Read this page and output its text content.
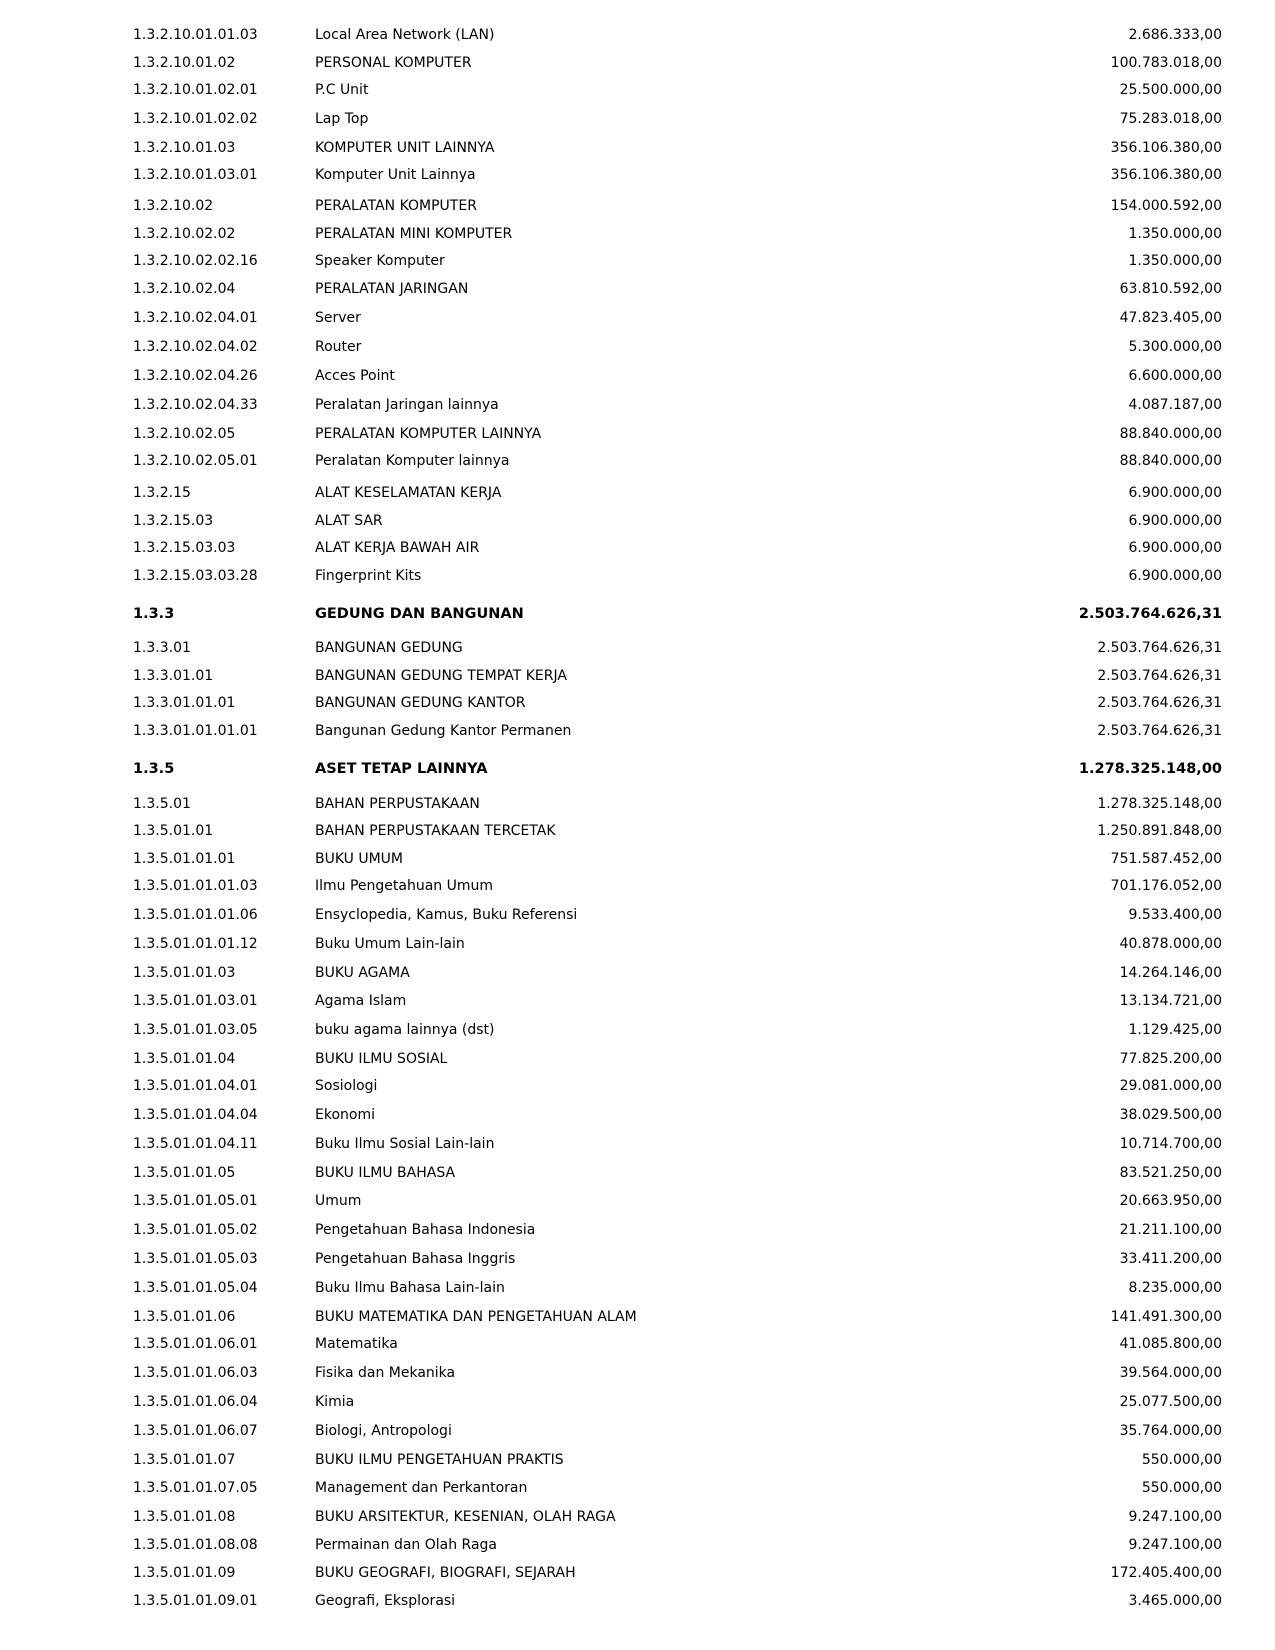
1.3.2.10.01.01.03	Local Area Network (LAN)	2.686.333,00
1.3.2.10.01.02	PERSONAL KOMPUTER	100.783.018,00
1.3.2.10.01.02.01	P.C Unit	25.500.000,00
1.3.2.10.01.02.02	Lap Top	75.283.018,00
1.3.2.10.01.03	KOMPUTER UNIT LAINNYA	356.106.380,00
1.3.2.10.01.03.01	Komputer Unit Lainnya	356.106.380,00
1.3.2.10.02	PERALATAN KOMPUTER	154.000.592,00
1.3.2.10.02.02	PERALATAN MINI KOMPUTER	1.350.000,00
1.3.2.10.02.02.16	Speaker Komputer	1.350.000,00
1.3.2.10.02.04	PERALATAN JARINGAN	63.810.592,00
1.3.2.10.02.04.01	Server	47.823.405,00
1.3.2.10.02.04.02	Router	5.300.000,00
1.3.2.10.02.04.26	Acces Point	6.600.000,00
1.3.2.10.02.04.33	Peralatan Jaringan lainnya	4.087.187,00
1.3.2.10.02.05	PERALATAN KOMPUTER LAINNYA	88.840.000,00
1.3.2.10.02.05.01	Peralatan Komputer lainnya	88.840.000,00
1.3.2.15	ALAT KESELAMATAN KERJA	6.900.000,00
1.3.2.15.03	ALAT SAR	6.900.000,00
1.3.2.15.03.03	ALAT KERJA BAWAH AIR	6.900.000,00
1.3.2.15.03.03.28	Fingerprint Kits	6.900.000,00
1.3.3	GEDUNG DAN BANGUNAN	2.503.764.626,31
1.3.3.01	BANGUNAN GEDUNG	2.503.764.626,31
1.3.3.01.01	BANGUNAN GEDUNG TEMPAT KERJA	2.503.764.626,31
1.3.3.01.01.01	BANGUNAN GEDUNG KANTOR	2.503.764.626,31
1.3.3.01.01.01.01	Bangunan Gedung Kantor Permanen	2.503.764.626,31
1.3.5	ASET TETAP LAINNYA	1.278.325.148,00
1.3.5.01	BAHAN PERPUSTAKAAN	1.278.325.148,00
1.3.5.01.01	BAHAN PERPUSTAKAAN TERCETAK	1.250.891.848,00
1.3.5.01.01.01	BUKU UMUM	751.587.452,00
1.3.5.01.01.01.03	Ilmu Pengetahuan Umum	701.176.052,00
1.3.5.01.01.01.06	Ensyclopedia, Kamus, Buku Referensi	9.533.400,00
1.3.5.01.01.01.12	Buku Umum Lain-lain	40.878.000,00
1.3.5.01.01.03	BUKU AGAMA	14.264.146,00
1.3.5.01.01.03.01	Agama Islam	13.134.721,00
1.3.5.01.01.03.05	buku agama lainnya (dst)	1.129.425,00
1.3.5.01.01.04	BUKU ILMU SOSIAL	77.825.200,00
1.3.5.01.01.04.01	Sosiologi	29.081.000,00
1.3.5.01.01.04.04	Ekonomi	38.029.500,00
1.3.5.01.01.04.11	Buku Ilmu Sosial Lain-lain	10.714.700,00
1.3.5.01.01.05	BUKU ILMU BAHASA	83.521.250,00
1.3.5.01.01.05.01	Umum	20.663.950,00
1.3.5.01.01.05.02	Pengetahuan Bahasa Indonesia	21.211.100,00
1.3.5.01.01.05.03	Pengetahuan Bahasa Inggris	33.411.200,00
1.3.5.01.01.05.04	Buku Ilmu Bahasa Lain-lain	8.235.000,00
1.3.5.01.01.06	BUKU MATEMATIKA DAN PENGETAHUAN ALAM	141.491.300,00
1.3.5.01.01.06.01	Matematika	41.085.800,00
1.3.5.01.01.06.03	Fisika dan Mekanika	39.564.000,00
1.3.5.01.01.06.04	Kimia	25.077.500,00
1.3.5.01.01.06.07	Biologi, Antropologi	35.764.000,00
1.3.5.01.01.07	BUKU ILMU PENGETAHUAN PRAKTIS	550.000,00
1.3.5.01.01.07.05	Management dan Perkantoran	550.000,00
1.3.5.01.01.08	BUKU ARSITEKTUR, KESENIAN, OLAH RAGA	9.247.100,00
1.3.5.01.01.08.08	Permainan dan Olah Raga	9.247.100,00
1.3.5.01.01.09	BUKU GEOGRAFI, BIOGRAFI, SEJARAH	172.405.400,00
1.3.5.01.01.09.01	Geografi, Eksplorasi	3.465.000,00
